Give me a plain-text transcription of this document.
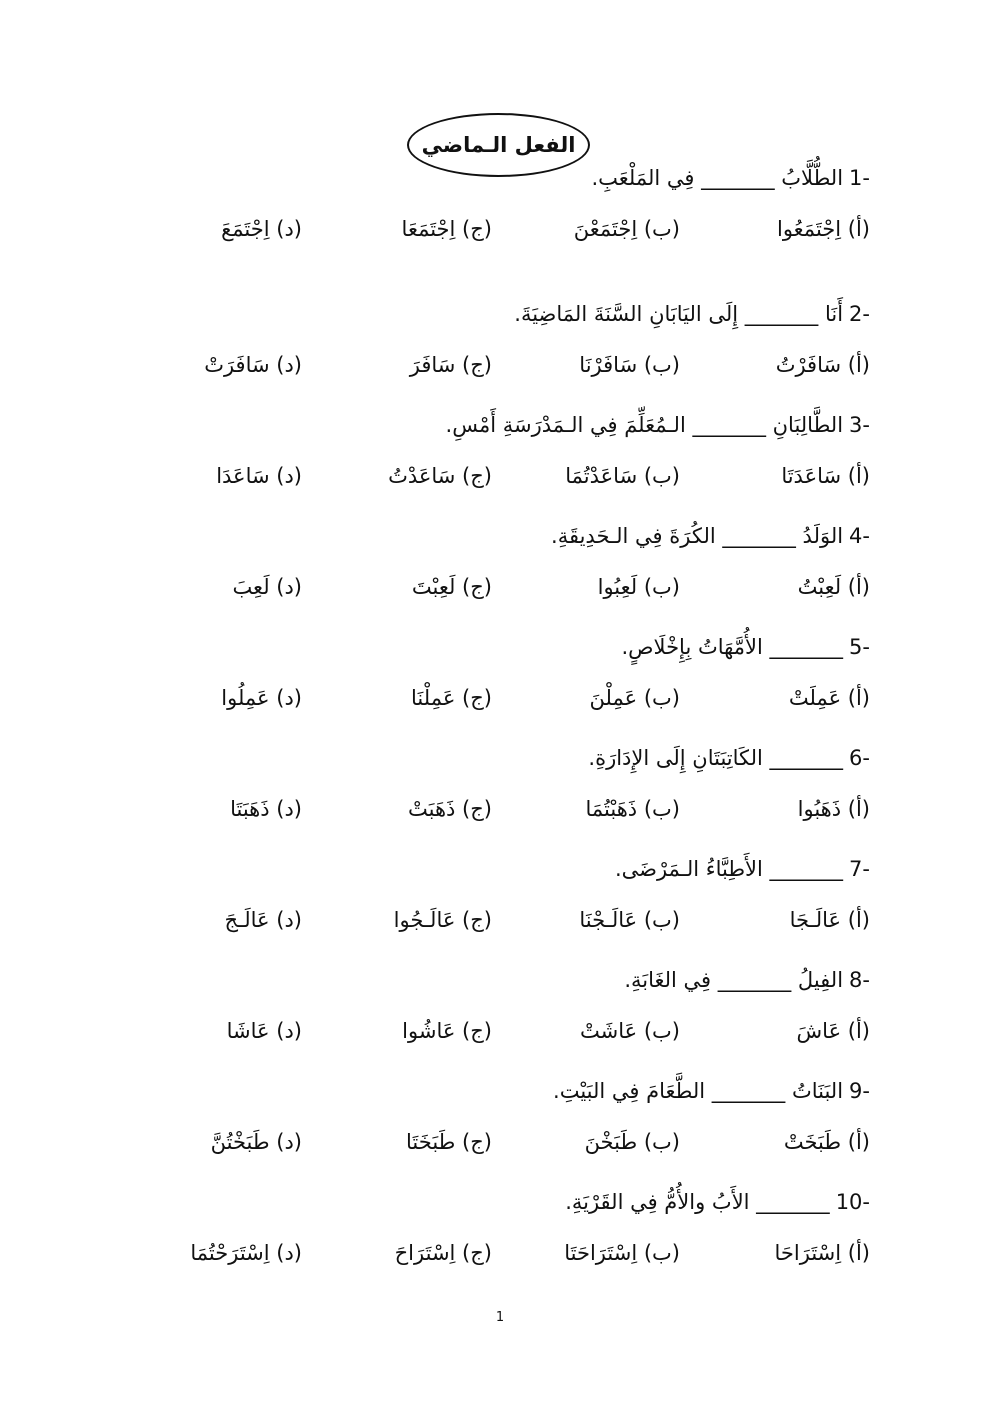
الفعل الـماضي
1-الطُّلَّابُ _______ فِي المَلْعَبِ.
(أ) اِجْتَمَعُوا
(ب) اِجْتَمَعْنَ
(ج) اِجْتَمَعَا
(د) اِجْتَمَعَ
2-أَنَا _______ إِلَى اليَابَانِ السَّنَةَ المَاضِيَةَ.
(أ) سَافَرْتُ
(ب) سَافَرْنَا
(ج) سَافَرَ
(د) سَافَرَتْ
3-الطَّالِبَانِ _______ الـمُعَلِّمَ فِي الـمَدْرَسَةِ أَمْسِ.
(أ) سَاعَدَتَا
(ب) سَاعَدْتُمَا
(ج) سَاعَدْتُ
(د) سَاعَدَا
4-الوَلَدُ _______ الكُرَةَ فِي الـحَدِيقَةِ.
(أ) لَعِبْتُ
(ب) لَعِبُوا
(ج) لَعِبْتَ
(د) لَعِبَ
5-_______ الأُمَّهَاتُ بِإِخْلَاصٍ.
(أ) عَمِلَتْ
(ب) عَمِلْنَ
(ج) عَمِلْنَا
(د) عَمِلُوا
6-_______ الكَاتِبَتَانِ إِلَى الإِدَارَةِ.
(أ) ذَهَبُوا
(ب) ذَهَبْتُمَا
(ج) ذَهَبَتْ
(د) ذَهَبَتَا
7-_______ الأَطِبَّاءُ الـمَرْضَى.
(أ) عَالَـجَا
(ب) عَالَـجْنَا
(ج) عَالَـجُوا
(د) عَالَـجَ
8-الفِيلُ _______ فِي الغَابَةِ.
(أ) عَاشَ
(ب) عَاشَتْ
(ج) عَاشُوا
(د) عَاشَا
9-البَنَاتُ _______ الطَّعَامَ فِي البَيْتِ.
(أ) طَبَخَتْ
(ب) طَبَخْنَ
(ج) طَبَخَتَا
(د) طَبَخْتُنَّ
10-_______ الأَبُ والأُمُّ فِي القَرْيَةِ.
(أ) اِسْتَرَاحَا
(ب) اِسْتَرَاحَتَا
(ج) اِسْتَرَاحَ
(د) اِسْتَرَحْتُمَا
1
